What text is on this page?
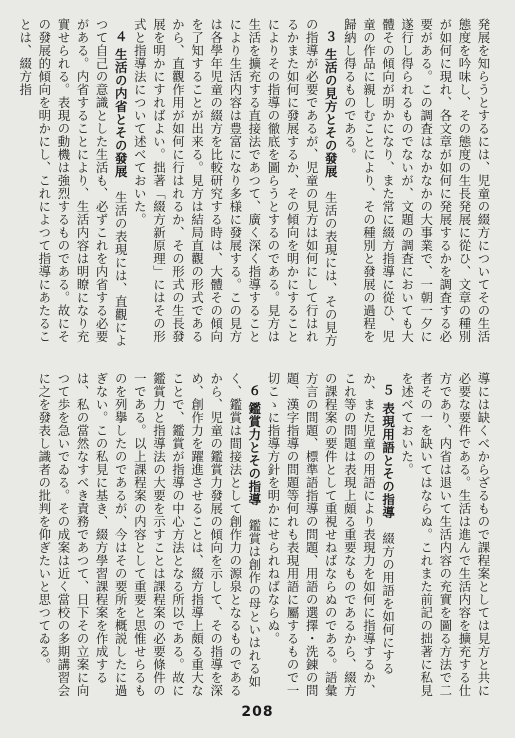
発展を知らうとするには、児童の綴方についてその生活態度を吟味し、その態度の生長発展に從ひ、文章の種別が如何に現れ、各文章が如何に発展するかを調査する必要がある。この調査はなかなかの大事業で、一朝一夕に遂行し得られるものでないが、文題の調査においても大體その傾向が明かになり、また常に綴方指導に從ひ、児童の作品に親しむことにより、その種別と發展の過程を歸納し得るものである。

３ 生活の見方とその發展　生活の表現には、その見方の指導が必要であるが、児童の見方は如何にして行はれるかまた如何に發展するか、その傾向を明かにすることによりその指導の徹底を圖らうとするのである。見方は生活を擴充する直接法であつて、廣く深く指導することにより生活内容は豊富になり多様に發展する。この見方は各學年児童の綴方を比較研究する時は、大體その傾向を了知することが出来る。見方は結局直觀の形式であるから、直觀作用が如何に行はれるか、その形式の生長發展を明かにすればよい。拙著「綴方新原理」にはその形式と指導法について述べておいた。

４ 生活の内省とその發展　生活の表現には、直觀によつて自己の意識とした生活も、必ずこれを内省する必要がある。内省することにより、生活内容は明瞭になり充實せられる。表現の動機は強烈するものである。故にその發展的傾向を明かにし、これによつて指導にあたることは、綴方指

導には缺くべからざるもので課程案としては見方と共に必要な要件である。生活は進んで生活内容を擴充する仕方であり、内省は退いて生活内容の充實を圖る方法で二者その一を缺いてはならぬ。これまた前記の拙著に私見を述べておいた。

５ 表現用語とその指導　綴方の用語を如何にするか、また児童の用語により表現力を如何に指導するか、これ等の問題は表現上頗る重要なものであるから、綴方の課程案の要件として重視せねばならぬのである。語彙方言の問題、標準語指導の問題、用語の選擇・洗錬の問題、漢字指導の問題等何れも表現用語に屬するもので一切こゝに指導方針を明かにせられねばならぬ。

６ 鑑賞力とその指導　鑑賞は創作の母といはれる如く、鑑賞は間接法として創作力の源泉となるものであるから、児童の鑑賞力發展の傾向を示して、その指導を深め、創作力を躍進させることは、綴方指導上頗る重大なことで、鑑賞が指導の中心方法となる所以である。故に鑑賞力と指導法の大要を示すことは課程案の必要條件の一である。以上課程案の内容として重要と思惟せらるものを列擧したのであるが、今はその要所を概説したに過ぎない。この私見に基き、綴方學習課程案を作成するは、私の當然なすべき責務であつて、日下その立案に向つて歩を急いでゐる。その成案は近く當校の多期講習会に之を發表し識者の批判を仰ぎたいと思つてゐる。

208
